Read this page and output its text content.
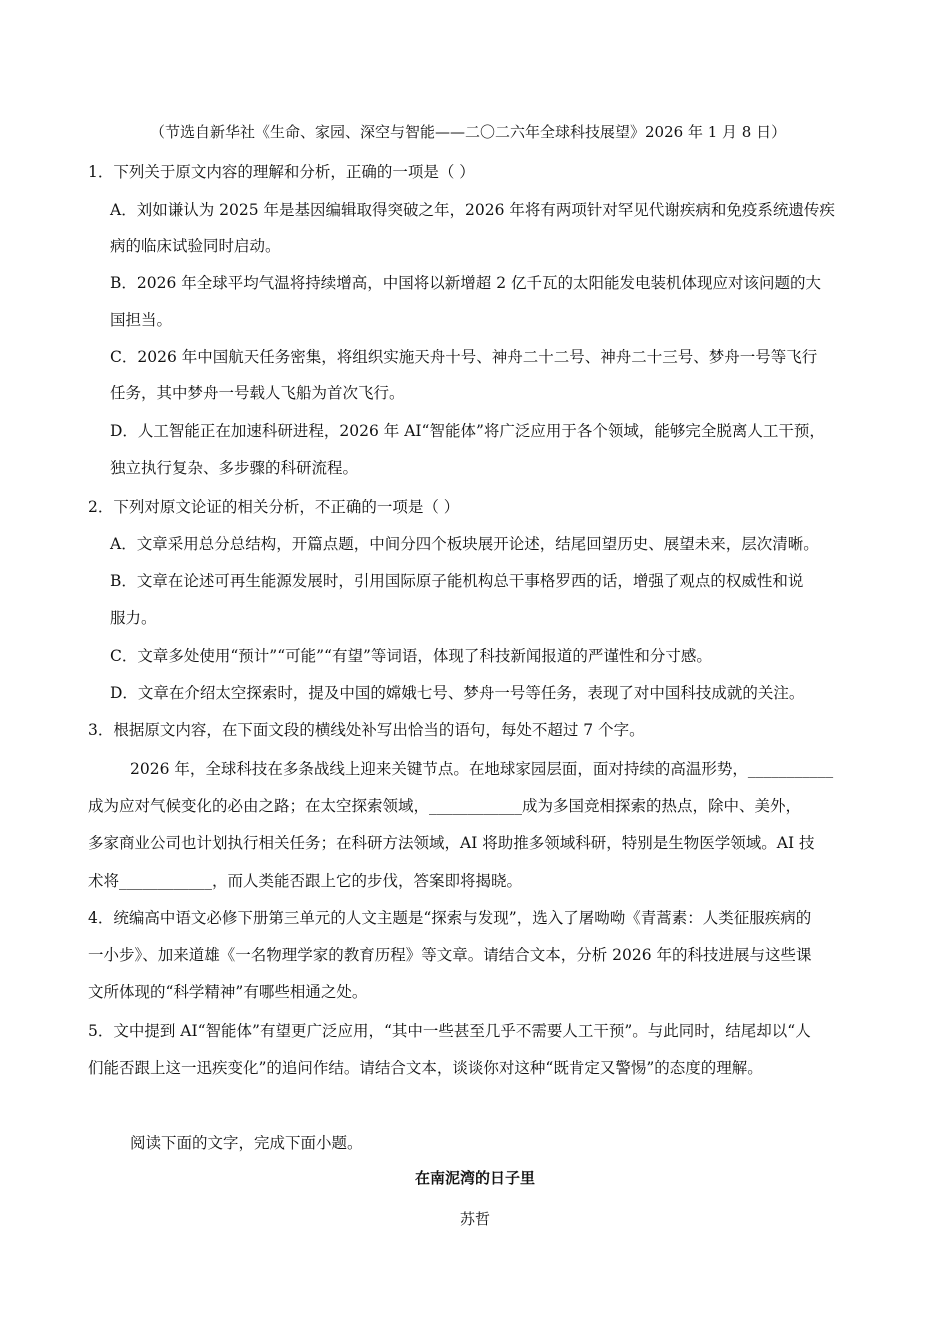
（节选自新华社《生命、家园、深空与智能——二〇二六年全球科技展望》2026 年 1 月 8 日）
1．下列关于原文内容的理解和分析，正确的一项是（ ）
A．刘如谦认为 2025 年是基因编辑取得突破之年，2026 年将有两项针对罕见代谢疾病和免疫系统遗传疾
病的临床试验同时启动。
B．2026 年全球平均气温将持续增高，中国将以新增超 2 亿千瓦的太阳能发电装机体现应对该问题的大
国担当。
C．2026 年中国航天任务密集，将组织实施天舟十号、神舟二十二号、神舟二十三号、梦舟一号等飞行
任务，其中梦舟一号载人飞船为首次飞行。
D．人工智能正在加速科研进程，2026 年 AI“智能体”将广泛应用于各个领域，能够完全脱离人工干预，
独立执行复杂、多步骤的科研流程。
2．下列对原文论证的相关分析，不正确的一项是（ ）
A．文章采用总分总结构，开篇点题，中间分四个板块展开论述，结尾回望历史、展望未来，层次清晰。
B．文章在论述可再生能源发展时，引用国际原子能机构总干事格罗西的话，增强了观点的权威性和说
服力。
C．文章多处使用“预计”“可能”“有望”等词语，体现了科技新闻报道的严谨性和分寸感。
D．文章在介绍太空探索时，提及中国的嫦娥七号、梦舟一号等任务，表现了对中国科技成就的关注。
3．根据原文内容，在下面文段的横线处补写出恰当的语句，每处不超过 7 个字。
2026 年，全球科技在多条战线上迎来关键节点。在地球家园层面，面对持续的高温形势，___________
成为应对气候变化的必由之路；在太空探索领域，____________成为多国竞相探索的热点，除中、美外，
多家商业公司也计划执行相关任务；在科研方法领域，AI 将助推多领域科研，特别是生物医学领域。AI 技
术将____________，而人类能否跟上它的步伐，答案即将揭晓。
4．统编高中语文必修下册第三单元的人文主题是“探索与发现”，选入了屠呦呦《青蒿素：人类征服疾病的
一小步》、加来道雄《一名物理学家的教育历程》等文章。请结合文本，分析 2026 年的科技进展与这些课
文所体现的“科学精神”有哪些相通之处。
5．文中提到 AI“智能体”有望更广泛应用，“其中一些甚至几乎不需要人工干预”。与此同时，结尾却以“人
们能否跟上这一迅疾变化”的追问作结。请结合文本，谈谈你对这种“既肯定又警惕”的态度的理解。
阅读下面的文字，完成下面小题。
在南泥湾的日子里
苏哲
